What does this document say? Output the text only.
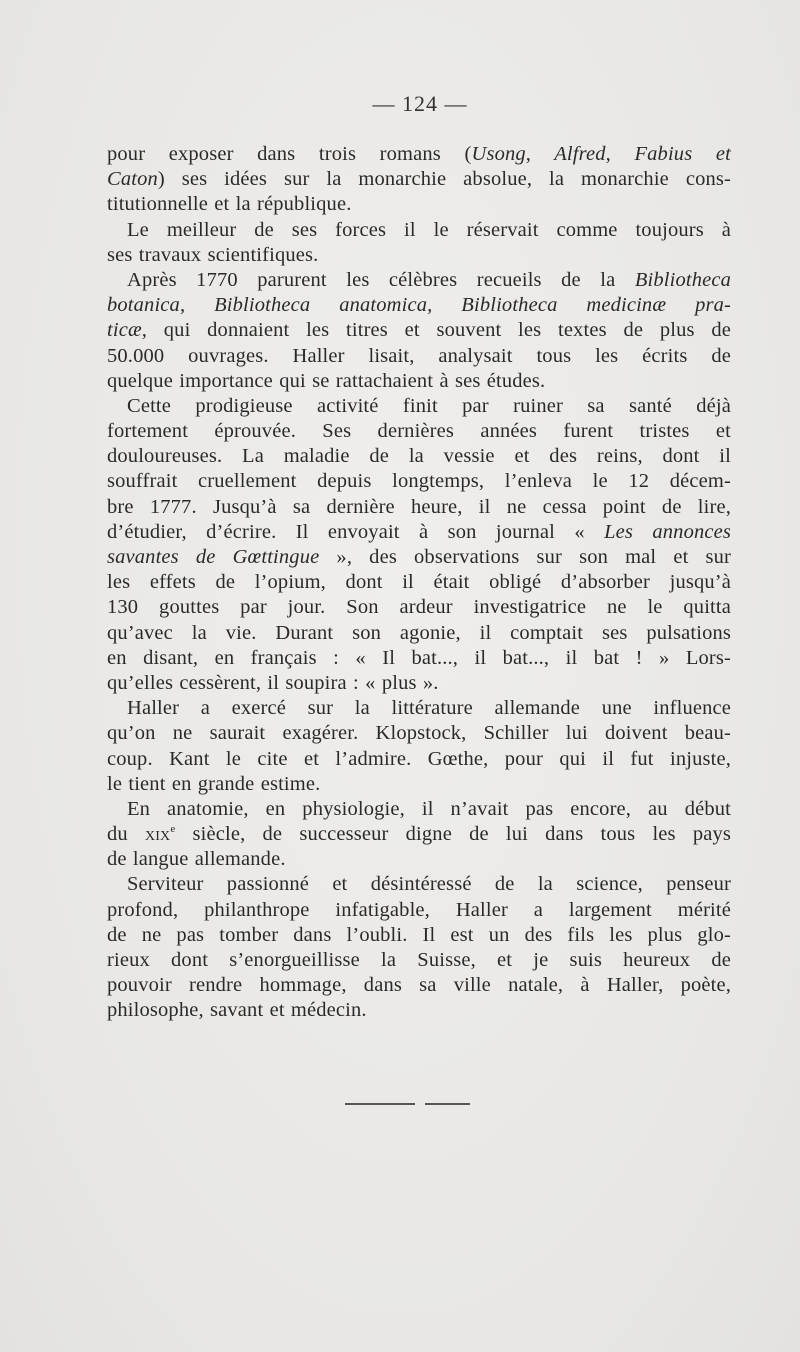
— 124 —
pour exposer dans trois romans (Usong, Alfred, Fabius et
Caton) ses idées sur la monarchie absolue, la monarchie cons-
titutionnelle et la république.
Le meilleur de ses forces il le réservait comme toujours à
ses travaux scientifiques.
Après 1770 parurent les célèbres recueils de la Bibliotheca
botanica, Bibliotheca anatomica, Bibliotheca medicinæ pra-
ticæ, qui donnaient les titres et souvent les textes de plus de
50.000 ouvrages. Haller lisait, analysait tous les écrits de
quelque importance qui se rattachaient à ses études.
Cette prodigieuse activité finit par ruiner sa santé déjà
fortement éprouvée. Ses dernières années furent tristes et
douloureuses. La maladie de la vessie et des reins, dont il
souffrait cruellement depuis longtemps, l’enleva le 12 décem-
bre 1777. Jusqu’à sa dernière heure, il ne cessa point de lire,
d’étudier, d’écrire. Il envoyait à son journal « Les annonces
savantes de Gœttingue », des observations sur son mal et sur
les effets de l’opium, dont il était obligé d’absorber jusqu’à
130 gouttes par jour. Son ardeur investigatrice ne le quitta
qu’avec la vie. Durant son agonie, il comptait ses pulsations
en disant, en français : « Il bat..., il bat..., il bat ! » Lors-
qu’elles cessèrent, il soupira : « plus ».
Haller a exercé sur la littérature allemande une influence
qu’on ne saurait exagérer. Klopstock, Schiller lui doivent beau-
coup. Kant le cite et l’admire. Gœthe, pour qui il fut injuste,
le tient en grande estime.
En anatomie, en physiologie, il n’avait pas encore, au début
du xix$^e$ siècle, de successeur digne de lui dans tous les pays
de langue allemande.
Serviteur passionné et désintéressé de la science, penseur
profond, philanthrope infatigable, Haller a largement mérité
de ne pas tomber dans l’oubli. Il est un des fils les plus glo-
rieux dont s’enorgueillisse la Suisse, et je suis heureux de
pouvoir rendre hommage, dans sa ville natale, à Haller, poète,
philosophe, savant et médecin.
